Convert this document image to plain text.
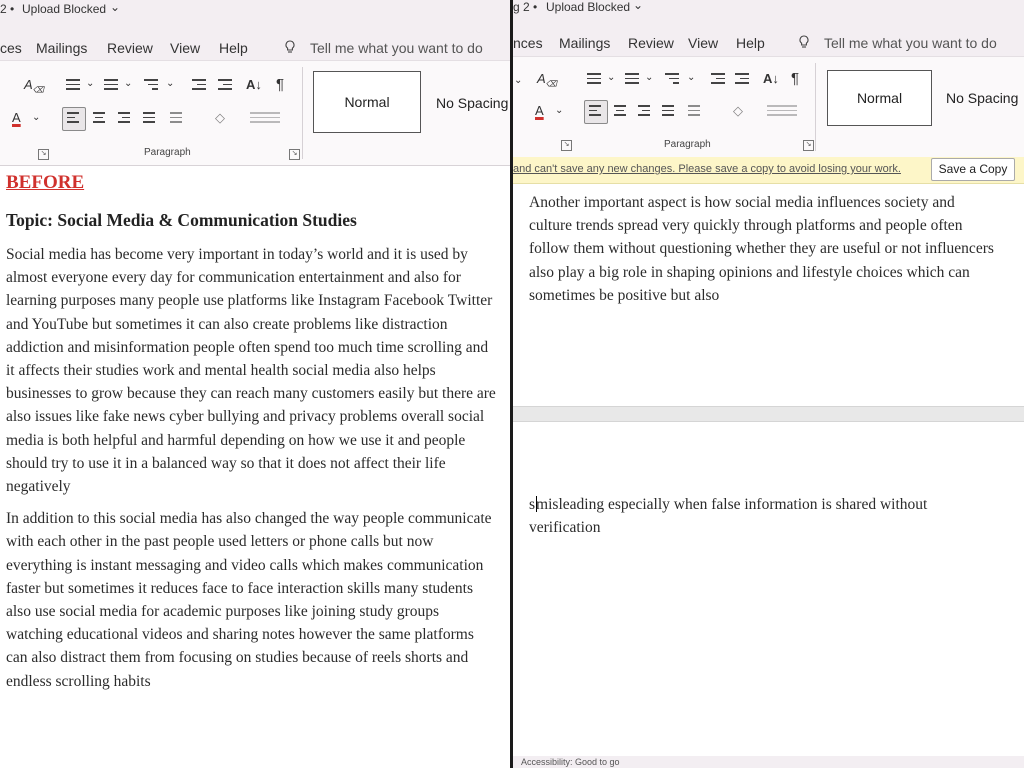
2 • Upload Blocked ⌄
ces Mailings Review View Help	Tell me what you want to do
$A_⌫$
A ⌄
⌄	⌄	⌄	A↓ ¶
◇
Paragraph
↘	↘
Normal	No Spacing
BEFORE
Topic: Social Media & Communication Studies

Social media has become very important in today’s world and it is used by almost everyone every day for communication entertainment and also for learning purposes many people use platforms like Instagram Facebook Twitter and YouTube but sometimes it can also create problems like distraction addiction and misinformation people often spend too much time scrolling and it affects their studies work and mental health social media also helps businesses to grow because they can reach many customers easily but there are also issues like fake news cyber bullying and privacy problems overall social media is both helpful and harmful depending on how we use it and people should try to use it in a balanced way so that it does not affect their life negatively

In addition to this social media has also changed the way people communicate with each other in the past people used letters or phone calls but now everything is instant messaging and video calls which makes communication faster but sometimes it reduces face to face interaction skills many students also use social media for academic purposes like joining study groups watching educational videos and sharing notes however the same platforms can also distract them from focusing on studies because of reels shorts and endless scrolling habits

g 2 • Upload Blocked ⌄
nces Mailings Review View Help	Tell me what you want to do
⌄ $A_⌫$
A ⌄
⌄	⌄	⌄	A↓ ¶
◇
Paragraph
↘	↘
Normal	No Spacing
and can't save any new changes. Please save a copy to avoid losing your work.	Save a Copy

Another important aspect is how social media influences society and culture trends spread very quickly through platforms and people often follow them without questioning whether they are useful or not influencers also play a big role in shaping opinions and lifestyle choices which can sometimes be positive but also

smisleading especially when false information is shared without verification

Accessibility: Good to go
